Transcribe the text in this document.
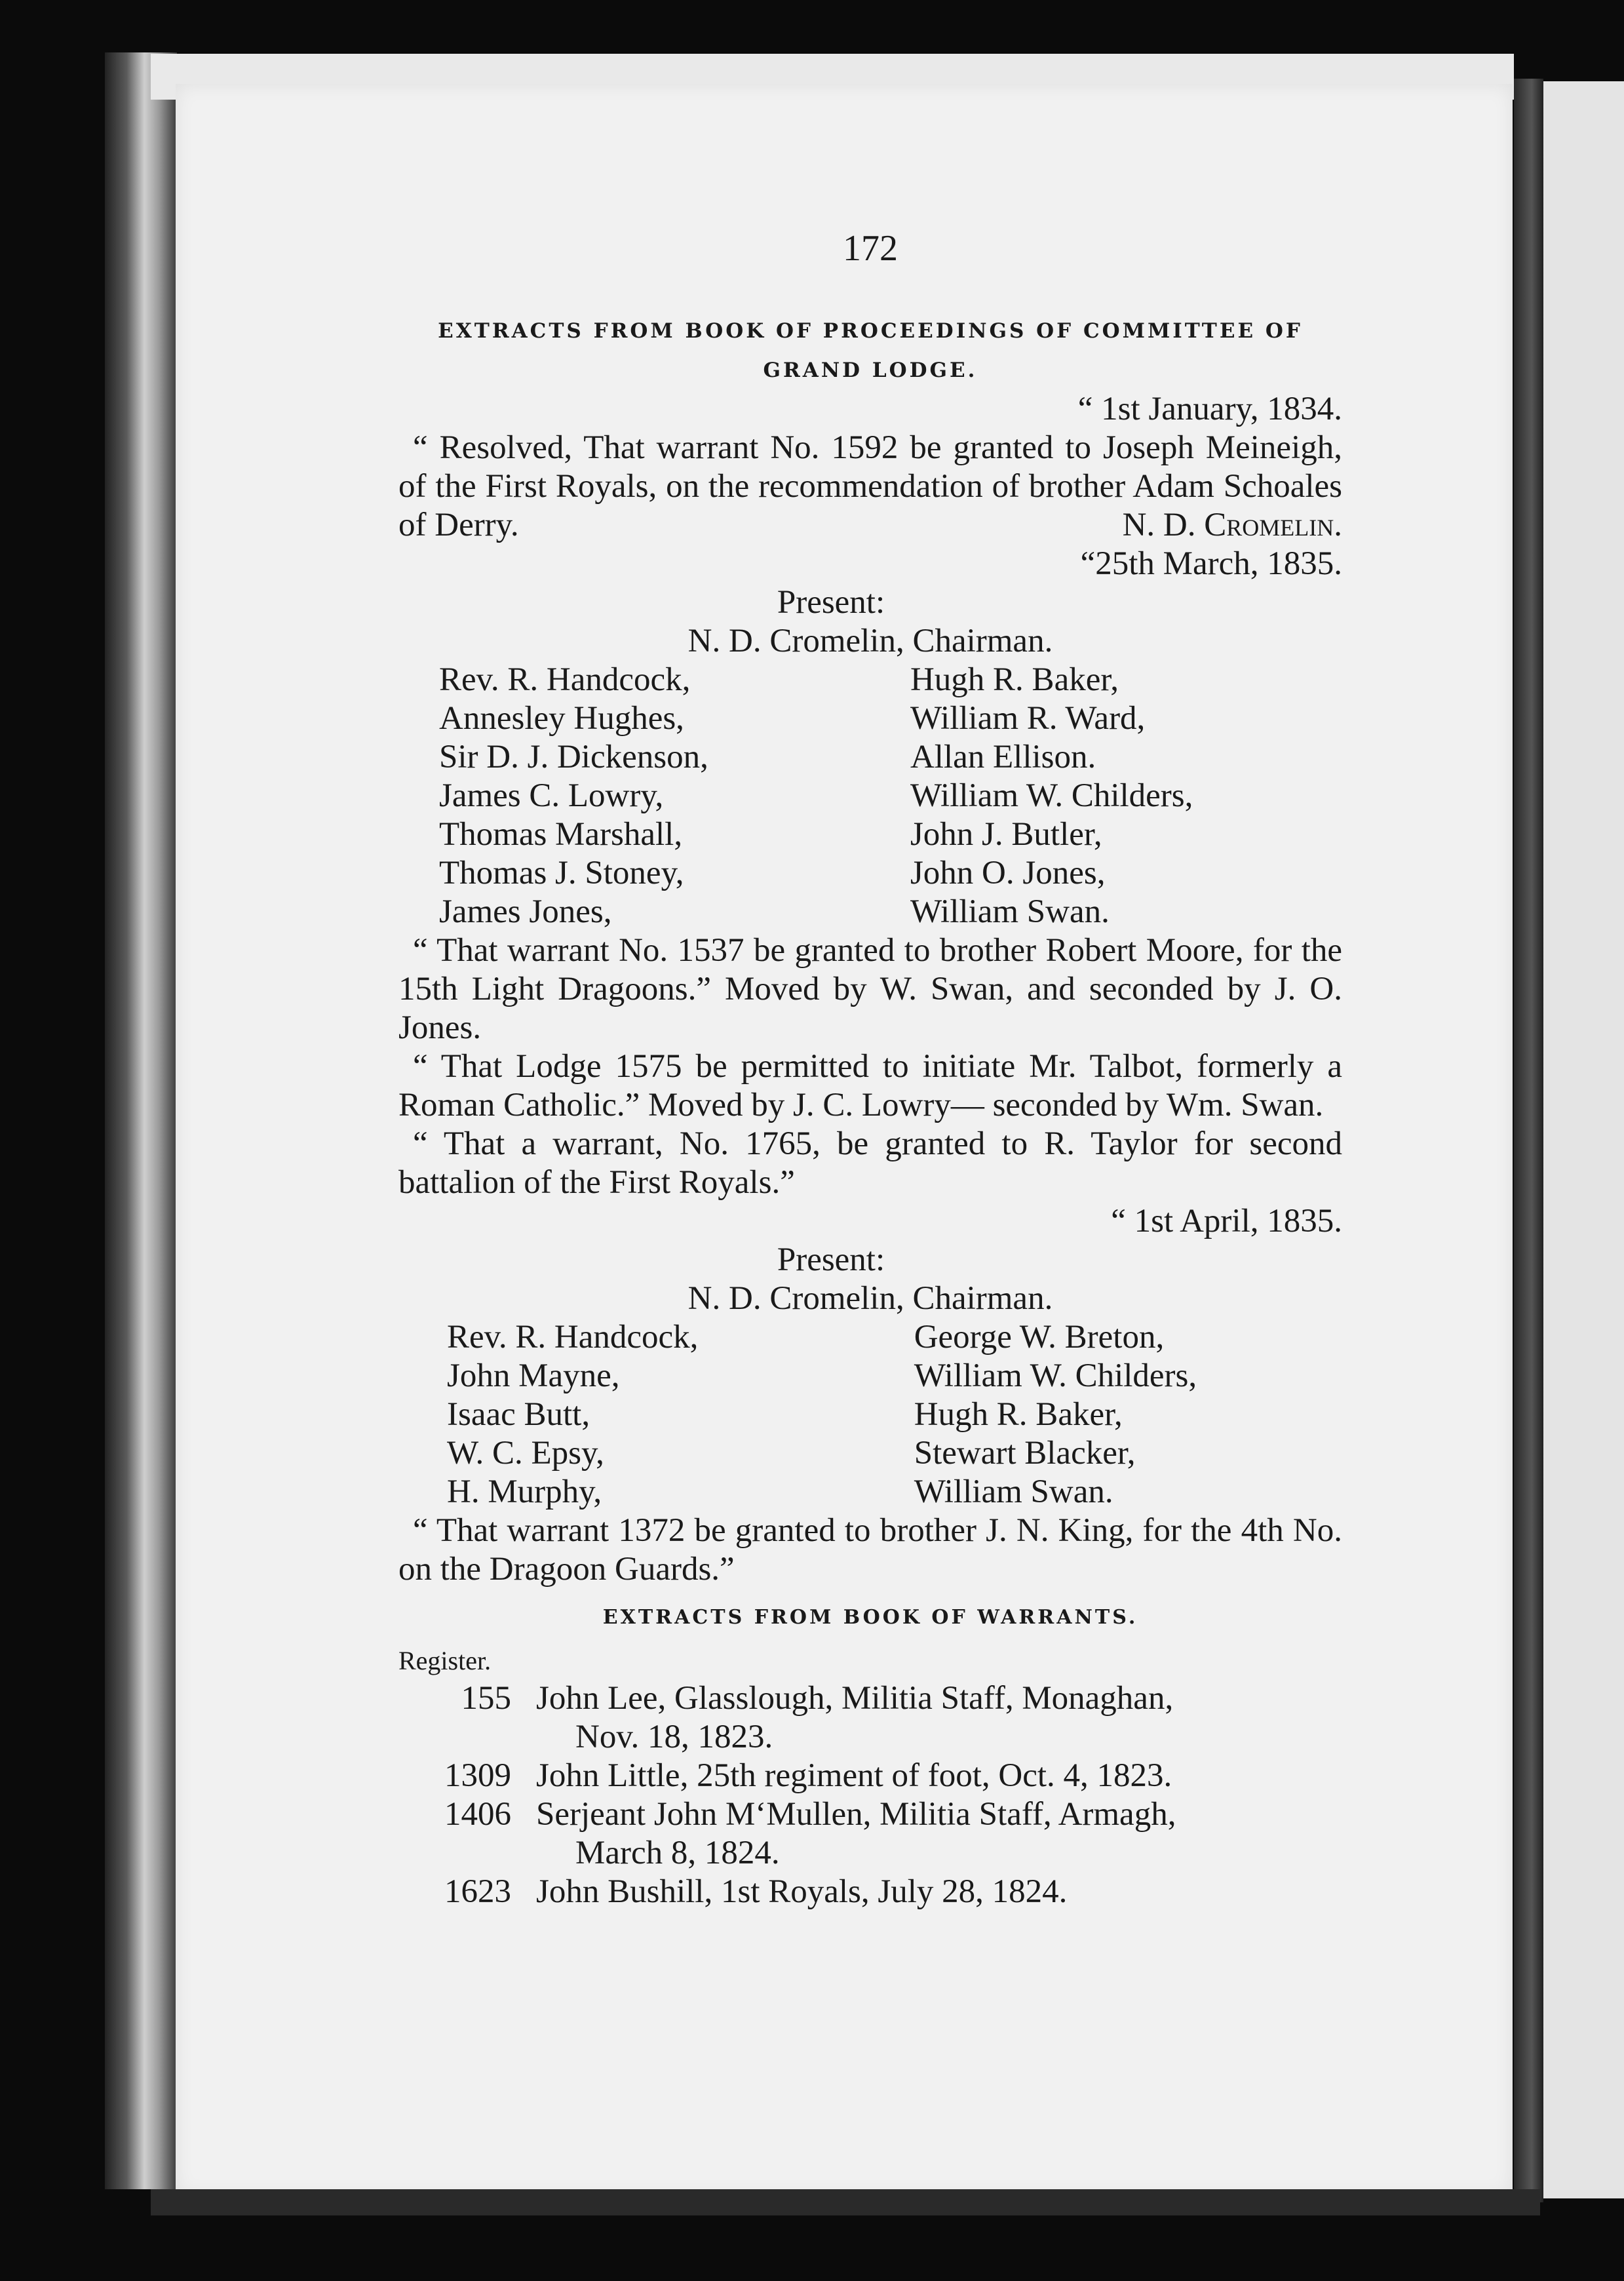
172
EXTRACTS FROM BOOK OF PROCEEDINGS OF COMMITTEE OF GRAND LODGE.
“ 1st January, 1834.
“ Resolved, That warrant No. 1592 be granted to Joseph Meineigh, of the First Royals, on the recommendation of brother Adam Schoales of Derry.	N. D. Cromelin.
“25th March, 1835.
Present:
N. D. Cromelin, Chairman.
Rev. R. Handcock,
Annesley Hughes,
Sir D. J. Dickenson,
James C. Lowry,
Thomas Marshall,
Thomas J. Stoney,
James Jones,
Hugh R. Baker,
William R. Ward,
Allan Ellison.
William W. Childers,
John J. Butler,
John O. Jones,
William Swan.
“ That warrant No. 1537 be granted to brother Robert Moore, for the 15th Light Dragoons.” Moved by W. Swan, and seconded by J. O. Jones.
“ That Lodge 1575 be permitted to initiate Mr. Talbot, formerly a Roman Catholic.” Moved by J. C. Lowry— seconded by Wm. Swan.
“ That a warrant, No. 1765, be granted to R. Taylor for second battalion of the First Royals.”
“ 1st April, 1835.
Present:
N. D. Cromelin, Chairman.
Rev. R. Handcock,
John Mayne,
Isaac Butt,
W. C. Epsy,
H. Murphy,
George W. Breton,
William W. Childers,
Hugh R. Baker,
Stewart Blacker,
William Swan.
“ That warrant 1372 be granted to brother J. N. King, for the 4th No. on the Dragoon Guards.”
EXTRACTS FROM BOOK OF WARRANTS.
Register.
155 John Lee, Glasslough, Militia Staff, Monaghan,
Nov. 18, 1823.
1309 John Little, 25th regiment of foot, Oct. 4, 1823.
1406 Serjeant John M‘Mullen, Militia Staff, Armagh,
March 8, 1824.
1623 John Bushill, 1st Royals, July 28, 1824.
